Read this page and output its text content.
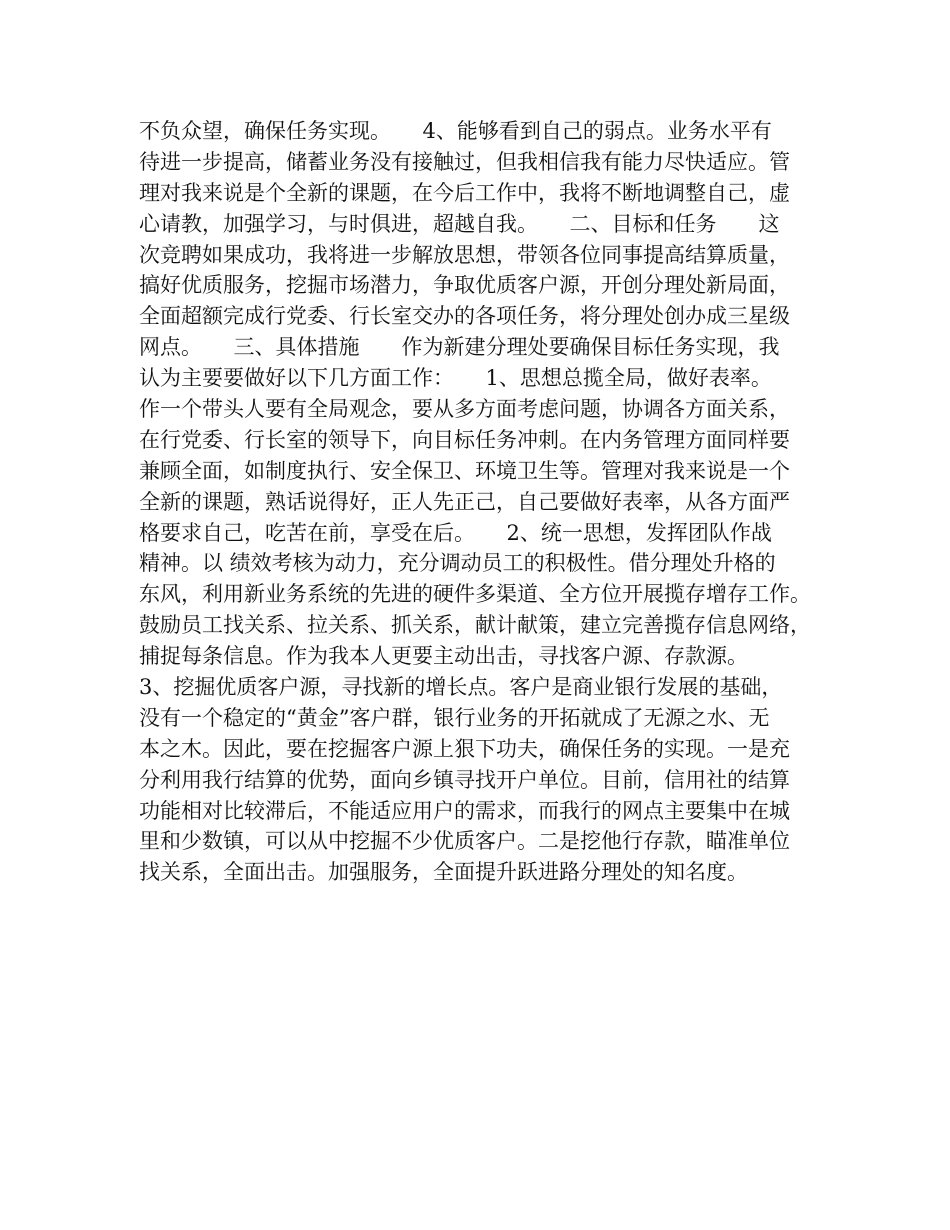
不负众望，确保任务实现。　　4、能够看到自己的弱点。业务水平有
待进一步提高，储蓄业务没有接触过，但我相信我有能力尽快适应。管
理对我来说是个全新的课题，在今后工作中，我将不断地调整自己，虚
心请教，加强学习，与时俱进，超越自我。　　二、目标和任务　　这
次竞聘如果成功，我将进一步解放思想，带领各位同事提高结算质量，
搞好优质服务，挖掘市场潜力，争取优质客户源，开创分理处新局面，
全面超额完成行党委、行长室交办的各项任务，将分理处创办成三星级
网点。　　三、具体措施　　作为新建分理处要确保目标任务实现，我
认为主要要做好以下几方面工作：　　1、思想总揽全局，做好表率。
作一个带头人要有全局观念，要从多方面考虑问题，协调各方面关系，
在行党委、行长室的领导下，向目标任务冲刺。在内务管理方面同样要
兼顾全面，如制度执行、安全保卫、环境卫生等。管理对我来说是一个
全新的课题，熟话说得好，正人先正己，自己要做好表率，从各方面严
格要求自己，吃苦在前，享受在后。　　2、统一思想，发挥团队作战
精神。以 绩效考核为动力，充分调动员工的积极性。借分理处升格的
东风，利用新业务系统的先进的硬件多渠道、全方位开展揽存增存工作。
鼓励员工找关系、拉关系、抓关系，献计献策，建立完善揽存信息网络，
捕捉每条信息。作为我本人更要主动出击，寻找客户源、存款源。
3、挖掘优质客户源，寻找新的增长点。客户是商业银行发展的基础，
没有一个稳定的“黄金”客户群，银行业务的开拓就成了无源之水、无
本之木。因此，要在挖掘客户源上狠下功夫，确保任务的实现。一是充
分利用我行结算的优势，面向乡镇寻找开户单位。目前，信用社的结算
功能相对比较滞后，不能适应用户的需求，而我行的网点主要集中在城
里和少数镇，可以从中挖掘不少优质客户。二是挖他行存款，瞄准单位
找关系，全面出击。加强服务，全面提升跃进路分理处的知名度。
